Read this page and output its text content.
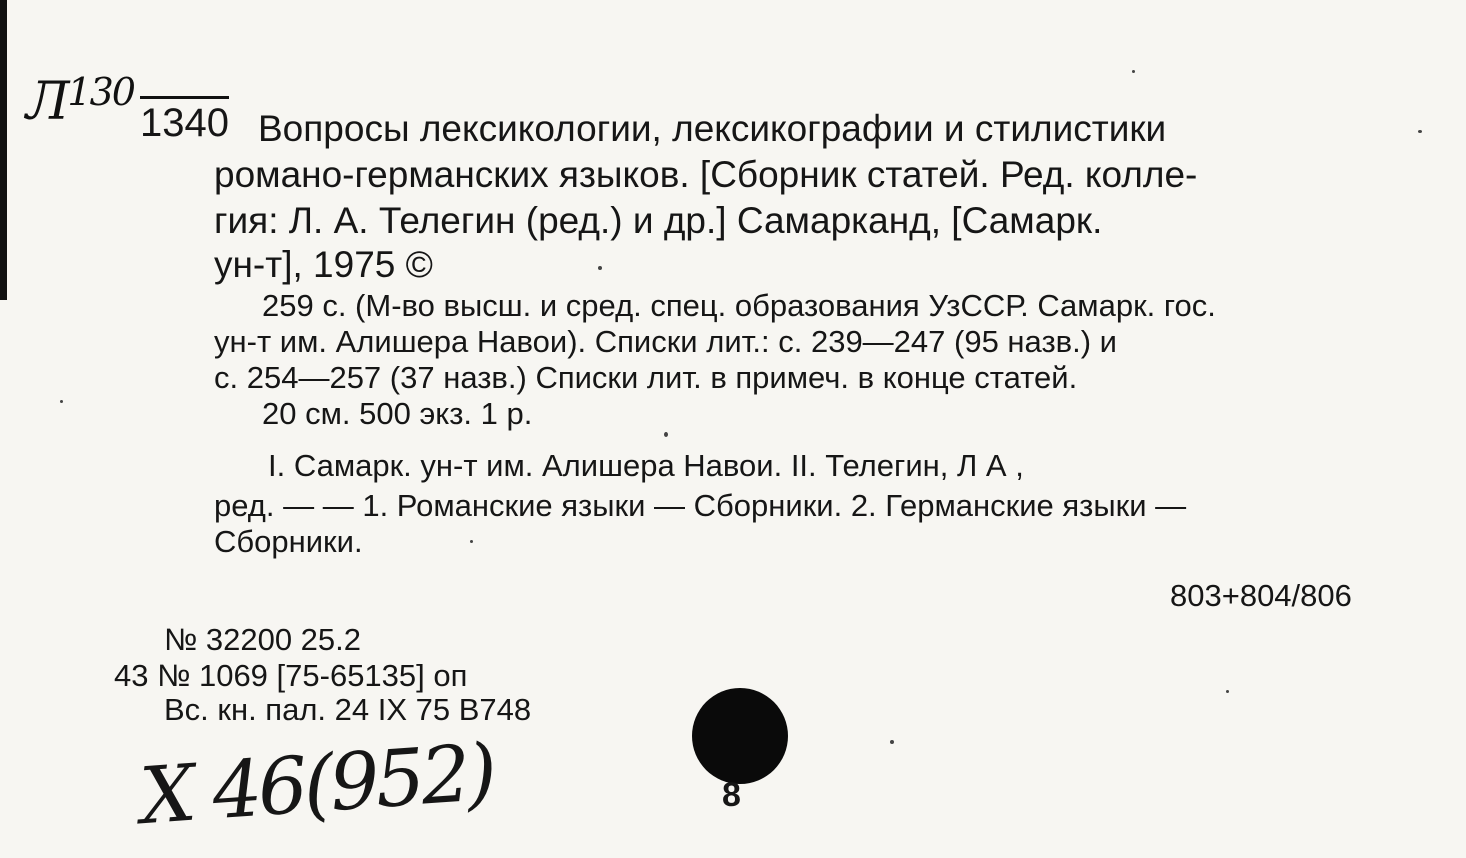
$Л^{130}$
1340 Вопросы лексикологии, лексикографии и стилистики
романо-германских языков. [Сборник статей. Ред. колле-
гия: Л. А. Телегин (ред.) и др.] Самарканд, [Самарк.
ун-т], 1975 ©
259 с. (М-во высш. и сред. спец. образования УзССР. Самарк. гос.
ун-т им. Алишера Навои). Списки лит.: с. 239—247 (95 назв.) и
с. 254—257 (37 назв.) Списки лит. в примеч. в конце статей.
20 см. 500 экз. 1 р.
I. Самарк. ун-т им. Алишера Навои. II. Телегин, Л А ,
ред. — — 1. Романские языки — Сборники. 2. Германские языки —
Сборники.
803+804/806
№ 32200 25.2
43 № 1069 [75-65135] оп
Вс. кн. пал. 24 IX 75 В748
8
Х 46(952)
